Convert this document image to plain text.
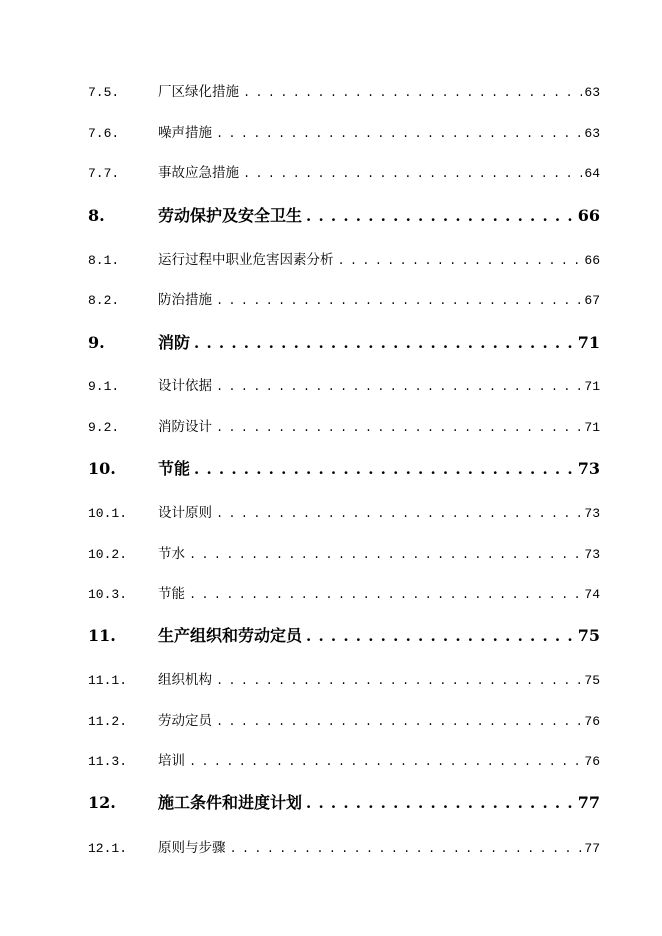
7.5.	厂区绿化措施 . . .	63
7.6.	噪声措施 . . .	63
7.7.	事故应急措施 . . .	64
8.	劳动保护及安全卫生 . . .	66
8.1.	运行过程中职业危害因素分析 . . .	66
8.2.	防治措施 . . .	67
9.	消防 . . .	71
9.1.	设计依据 . . .	71
9.2.	消防设计 . . .	71
10.	节能 . . .	73
10.1.	设计原则 . . .	73
10.2.	节水 . . .	73
10.3.	节能 . . .	74
11.	生产组织和劳动定员 . . .	75
11.1.	组织机构 . . .	75
11.2.	劳动定员 . . .	76
11.3.	培训 . . .	76
12.	施工条件和进度计划 . . .	77
12.1.	原则与步骤 . . .	77
